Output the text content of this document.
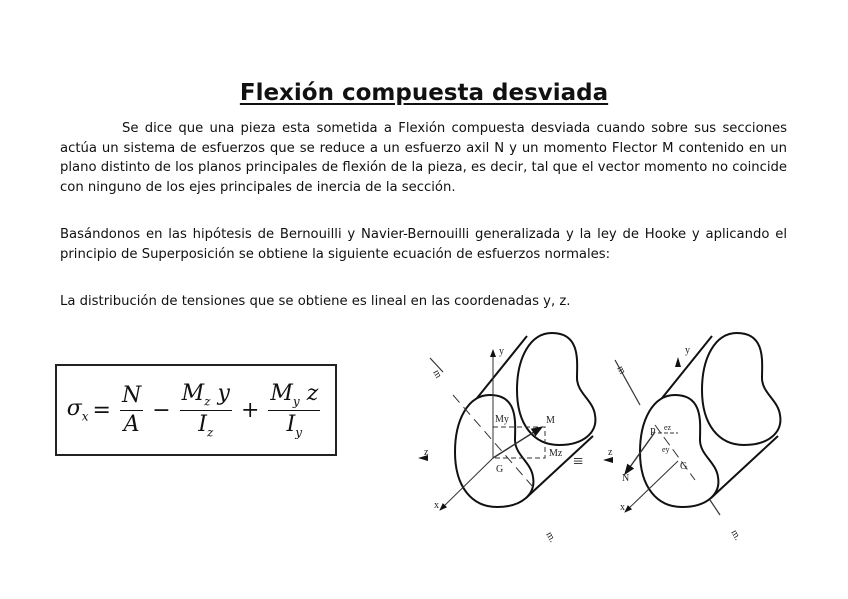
Flexión compuesta desviada
Se dice que una pieza esta sometida a Flexión compuesta desviada cuando sobre sus secciones actúa un sistema de esfuerzos que se reduce a un esfuerzo axil N y un momento Flector M contenido en un plano distinto de los planos principales de flexión de la pieza, es decir, tal que el vector momento no coincide con ninguno de los ejes principales de inercia de la sección.
Basándonos en las hipótesis de Bernouilli y Navier-Bernouilli generalizada y la ley de Hooke y aplicando el principio de Superposición se obtiene la siguiente ecuación de esfuerzos normales:
La distribución de tensiones que se obtiene es lineal en las coordenadas y, z.
$\sigma_x = \frac{N}{A} - \frac{M_z y}{I_z} + \frac{M_y z}{I_y}$
z
y
x
G
M
My
Mz
m
m.
≡
y
z
x
G
P
N
ez
ey
m
m.
